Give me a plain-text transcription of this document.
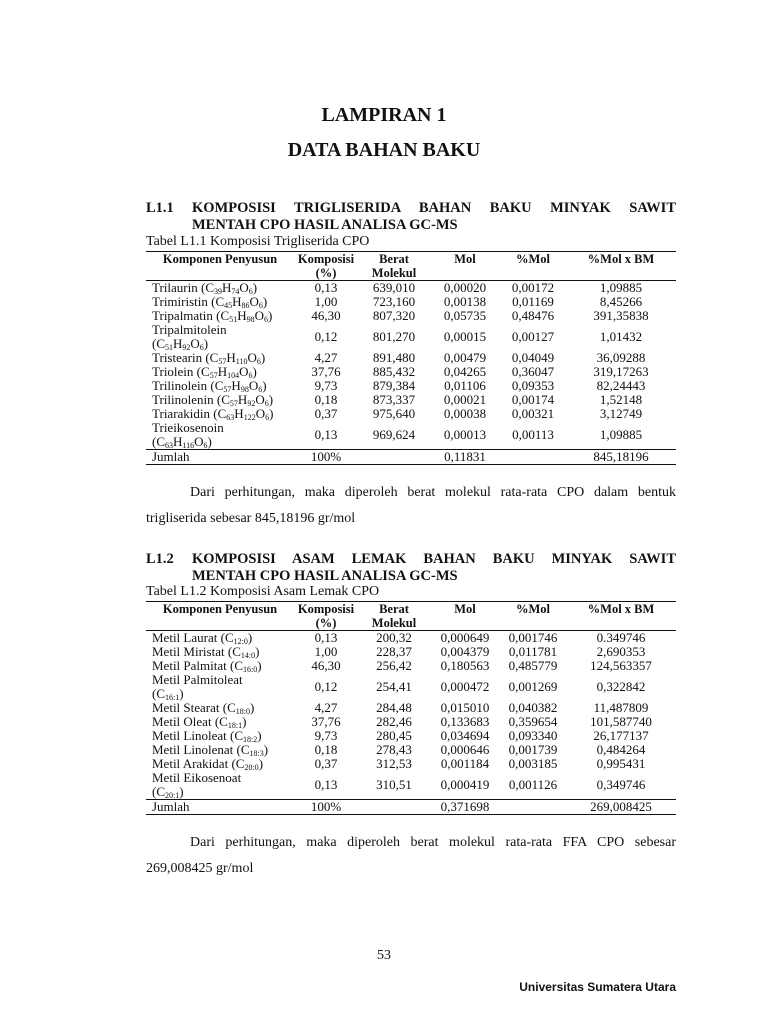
LAMPIRAN 1
DATA BAHAN BAKU
L1.1 KOMPOSISI TRIGLISERIDA BAHAN BAKU MINYAK SAWIT
MENTAH CPO HASIL ANALISA GC-MS
Tabel L1.1 Komposisi Trigliserida CPO
Komponen Penyusun	Komposisi (%)	Berat Molekul	Mol	%Mol	%Mol x BM
Trilaurin $(C_{39}H_{74}O_6)$	0,13	639,010	0,00020	0,00172	1,09885
Trimiristin $(C_{45}H_{86}O_6)$	1,00	723,160	0,00138	0,01169	8,45266
Tripalmatin $(C_{51}H_{98}O_6)$	46,30	807,320	0,05735	0,48476	391,35838
Tripalmitolein
$(C_{51}H_{92}O_6)$	0,12	801,270	0,00015	0,00127	1,01432
Tristearin $(C_{57}H_{110}O_6)$	4,27	891,480	0,00479	0,04049	36,09288
Triolein $(C_{57}H_{104}O_6)$	37,76	885,432	0,04265	0,36047	319,17263
Trilinolein $(C_{57}H_{98}O_6)$	9,73	879,384	0,01106	0,09353	82,24443
Trilinolenin $(C_{57}H_{92}O_6)$	0,18	873,337	0,00021	0,00174	1,52148
Triarakidin $(C_{63}H_{122}O_6)$	0,37	975,640	0,00038	0,00321	3,12749
Trieikosenoin
$(C_{63}H_{116}O_6)$	0,13	969,624	0,00013	0,00113	1,09885
Jumlah	100%		0,11831		845,18196
Dari perhitungan, maka diperoleh berat molekul rata-rata CPO dalam bentuk
trigliserida sebesar 845,18196 gr/mol
L1.2 KOMPOSISI ASAM LEMAK BAHAN BAKU MINYAK SAWIT
MENTAH CPO HASIL ANALISA GC-MS
Tabel L1.2 Komposisi Asam Lemak CPO
Komponen Penyusun	Komposisi (%)	Berat Molekul	Mol	%Mol	%Mol x BM
Metil Laurat $(C_{12:0})$	0,13	200,32	0,000649	0,001746	0.349746
Metil Miristat $(C_{14:0})$	1,00	228,37	0,004379	0,011781	2,690353
Metil Palmitat $(C_{16:0})$	46,30	256,42	0,180563	0,485779	124,563357
Metil Palmitoleat
$(C_{16:1})$	0,12	254,41	0,000472	0,001269	0,322842
Metil Stearat $(C_{18:0})$	4,27	284,48	0,015010	0,040382	11,487809
Metil Oleat $(C_{18:1})$	37,76	282,46	0,133683	0,359654	101,587740
Metil Linoleat $(C_{18:2})$	9,73	280,45	0,034694	0,093340	26,177137
Metil Linolenat $(C_{18:3})$	0,18	278,43	0,000646	0,001739	0,484264
Metil Arakidat $(C_{20:0})$	0,37	312,53	0,001184	0,003185	0,995431
Metil Eikosenoat
$(C_{20:1})$	0,13	310,51	0,000419	0,001126	0,349746
Jumlah	100%		0,371698		269,008425
Dari perhitungan, maka diperoleh berat molekul rata-rata FFA CPO sebesar
269,008425 gr/mol
53
Universitas Sumatera Utara
